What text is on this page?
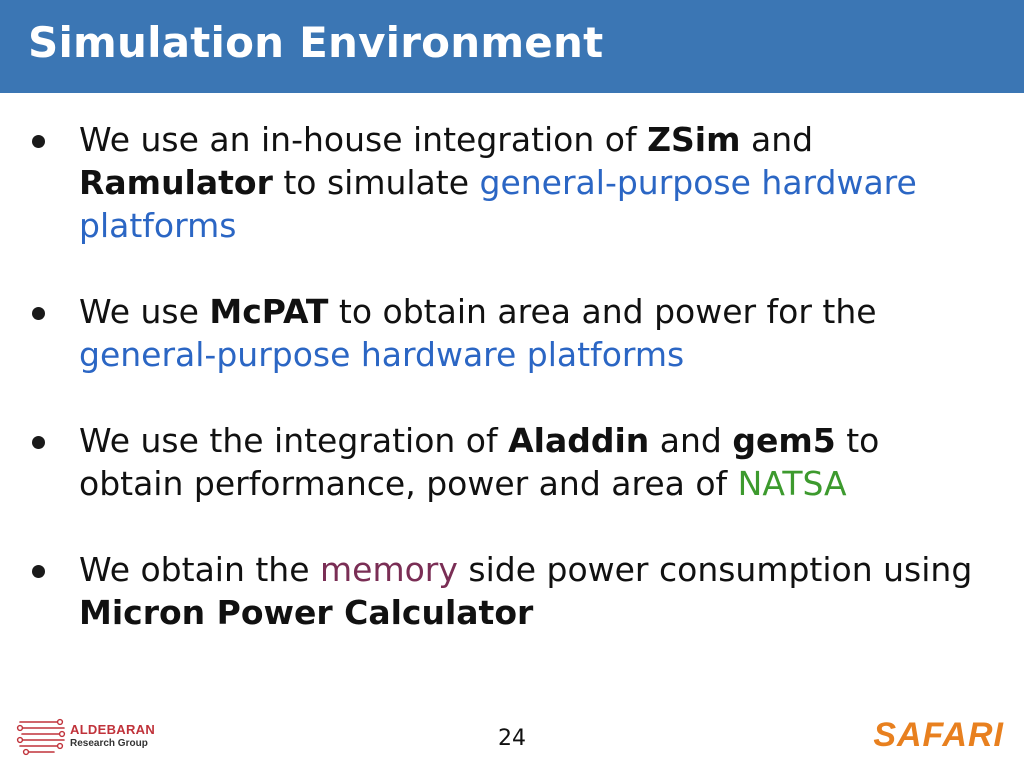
Simulation Environment
We use an in-house integration of ZSim and Ramulator to simulate general-purpose hardware platforms
We use McPAT to obtain area and power for the general-purpose hardware platforms
We use the integration of Aladdin and gem5 to obtain performance, power and area of NATSA
We obtain the memory side power consumption using Micron Power Calculator
ALDEBARAN
Research Group	24	SAFARI
